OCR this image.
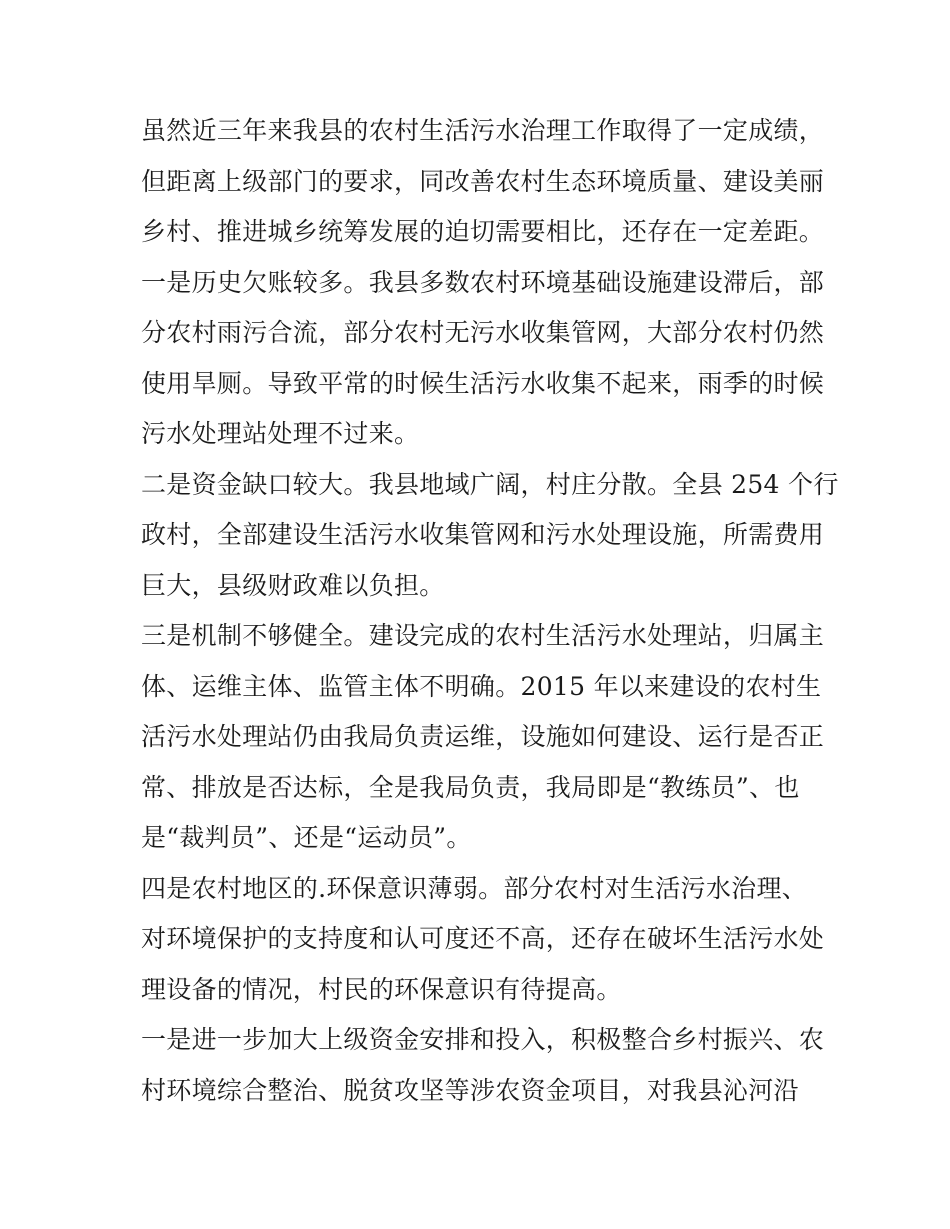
虽然近三年来我县的农村生活污水治理工作取得了一定成绩，
但距离上级部门的要求，同改善农村生态环境质量、建设美丽
乡村、推进城乡统筹发展的迫切需要相比，还存在一定差距。
一是历史欠账较多。我县多数农村环境基础设施建设滞后，部
分农村雨污合流，部分农村无污水收集管网，大部分农村仍然
使用旱厕。导致平常的时候生活污水收集不起来，雨季的时候
污水处理站处理不过来。
二是资金缺口较大。我县地域广阔，村庄分散。全县 254 个行
政村，全部建设生活污水收集管网和污水处理设施，所需费用
巨大，县级财政难以负担。
三是机制不够健全。建设完成的农村生活污水处理站，归属主
体、运维主体、监管主体不明确。2015 年以来建设的农村生
活污水处理站仍由我局负责运维，设施如何建设、运行是否正
常、排放是否达标，全是我局负责，我局即是“教练员”、也
是“裁判员”、还是“运动员”。
四是农村地区的.环保意识薄弱。部分农村对生活污水治理、
对环境保护的支持度和认可度还不高，还存在破坏生活污水处
理设备的情况，村民的环保意识有待提高。
一是进一步加大上级资金安排和投入，积极整合乡村振兴、农
村环境综合整治、脱贫攻坚等涉农资金项目，对我县沁河沿
